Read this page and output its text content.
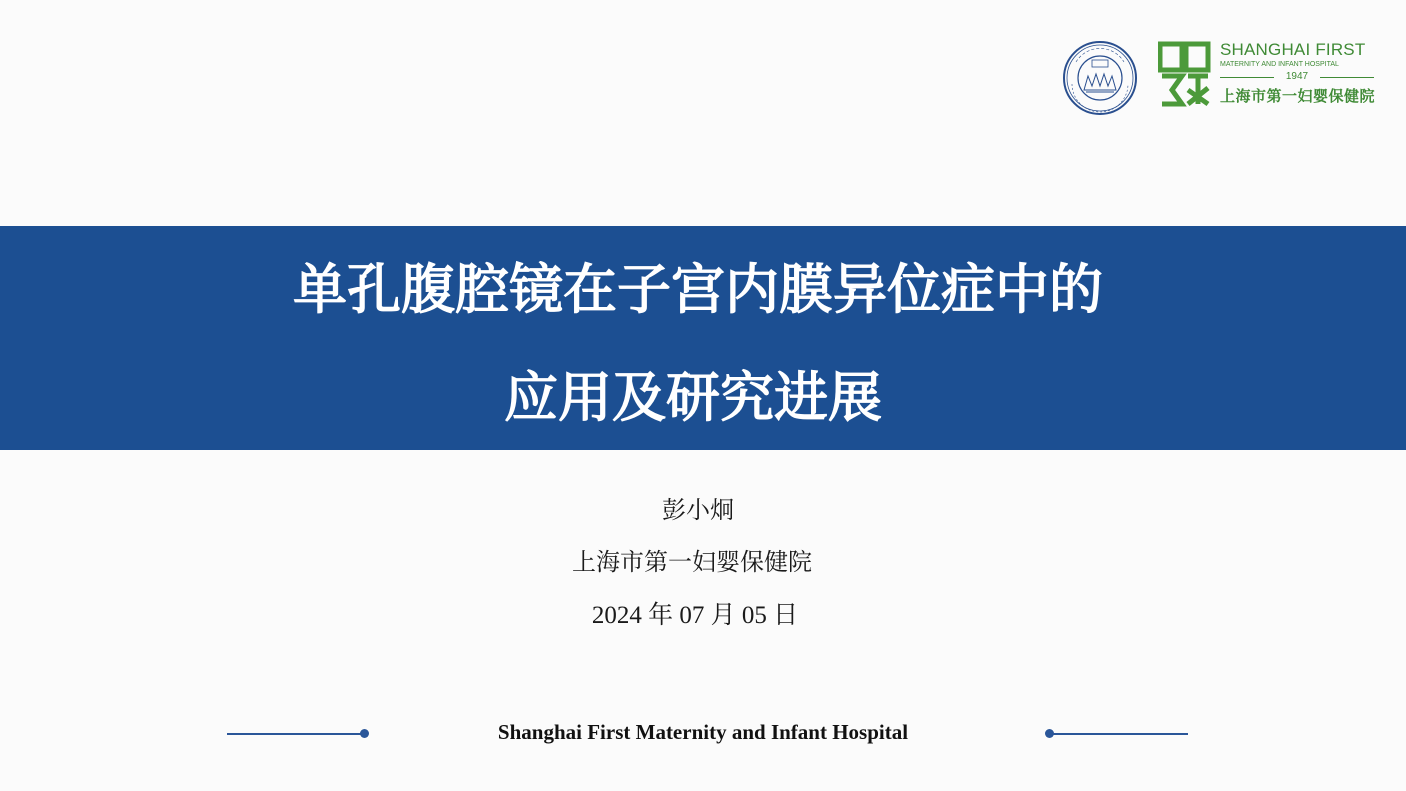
SHANGHAI FIRST
MATERNITY AND INFANT HOSPITAL
1947
上海市第一妇婴保健院
单孔腹腔镜在子宫内膜异位症中的
应用及研究进展
彭小炯
上海市第一妇婴保健院
2024 年 07 月 05 日
Shanghai First Maternity and Infant Hospital
